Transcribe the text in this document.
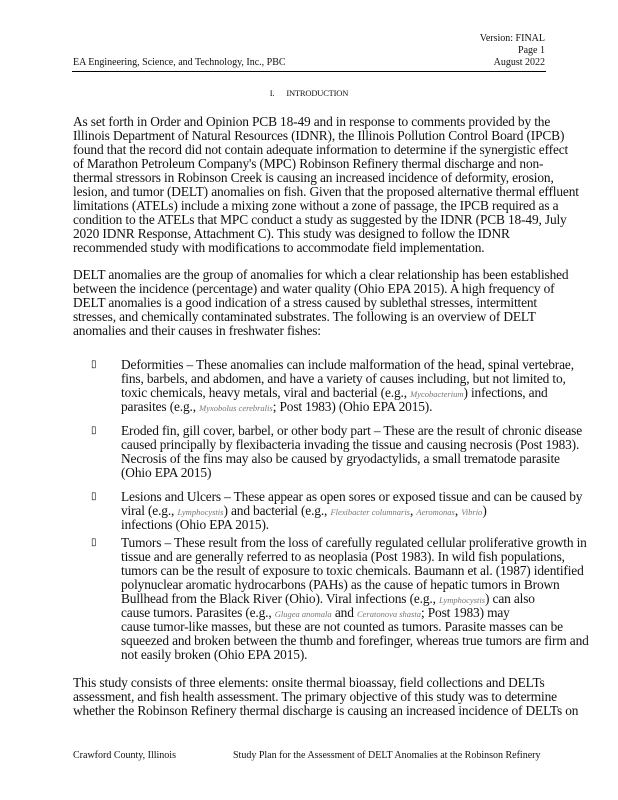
EA Engineering, Science, and Technology, Inc., PBC
Version: FINAL
Page 1
August 2022
I. INTRODUCTION
As set forth in Order and Opinion PCB 18-49 and in response to comments provided by the
Illinois Department of Natural Resources (IDNR), the Illinois Pollution Control Board (IPCB)
found that the record did not contain adequate information to determine if the synergistic effect
of Marathon Petroleum Company's (MPC) Robinson Refinery thermal discharge and non-
thermal stressors in Robinson Creek is causing an increased incidence of deformity, erosion,
lesion, and tumor (DELT) anomalies on fish. Given that the proposed alternative thermal effluent
limitations (ATELs) include a mixing zone without a zone of passage, the IPCB required as a
condition to the ATELs that MPC conduct a study as suggested by the IDNR (PCB 18-49, July
2020 IDNR Response, Attachment C). This study was designed to follow the IDNR
recommended study with modifications to accommodate field implementation.
DELT anomalies are the group of anomalies for which a clear relationship has been established
between the incidence (percentage) and water quality (Ohio EPA 2015). A high frequency of
DELT anomalies is a good indication of a stress caused by sublethal stresses, intermittent
stresses, and chemically contaminated substrates. The following is an overview of DELT
anomalies and their causes in freshwater fishes:
▯ Deformities – These anomalies can include malformation of the head, spinal vertebrae,
fins, barbels, and abdomen, and have a variety of causes including, but not limited to,
toxic chemicals, heavy metals, viral and bacterial (e.g., Mycobacterium) infections, and
parasites (e.g., Myxobolus cerebralis; Post 1983) (Ohio EPA 2015).
▯ Eroded fin, gill cover, barbel, or other body part – These are the result of chronic disease
caused principally by flexibacteria invading the tissue and causing necrosis (Post 1983).
Necrosis of the fins may also be caused by gryodactylids, a small trematode parasite
(Ohio EPA 2015)
▯ Lesions and Ulcers – These appear as open sores or exposed tissue and can be caused by
viral (e.g., Lymphocystis) and bacterial (e.g., Flexibacter columnaris, Aeromonas, Vibrio)
infections (Ohio EPA 2015).
▯ Tumors – These result from the loss of carefully regulated cellular proliferative growth in
tissue and are generally referred to as neoplasia (Post 1983). In wild fish populations,
tumors can be the result of exposure to toxic chemicals. Baumann et al. (1987) identified
polynuclear aromatic hydrocarbons (PAHs) as the cause of hepatic tumors in Brown
Bullhead from the Black River (Ohio). Viral infections (e.g., Lymphocystis) can also
cause tumors. Parasites (e.g., Glugea anomala and Ceratonova shasta; Post 1983) may
cause tumor-like masses, but these are not counted as tumors. Parasite masses can be
squeezed and broken between the thumb and forefinger, whereas true tumors are firm and
not easily broken (Ohio EPA 2015).
This study consists of three elements: onsite thermal bioassay, field collections and DELTs
assessment, and fish health assessment. The primary objective of this study was to determine
whether the Robinson Refinery thermal discharge is causing an increased incidence of DELTs on
Crawford County, Illinois	Study Plan for the Assessment of DELT Anomalies at the Robinson Refinery
